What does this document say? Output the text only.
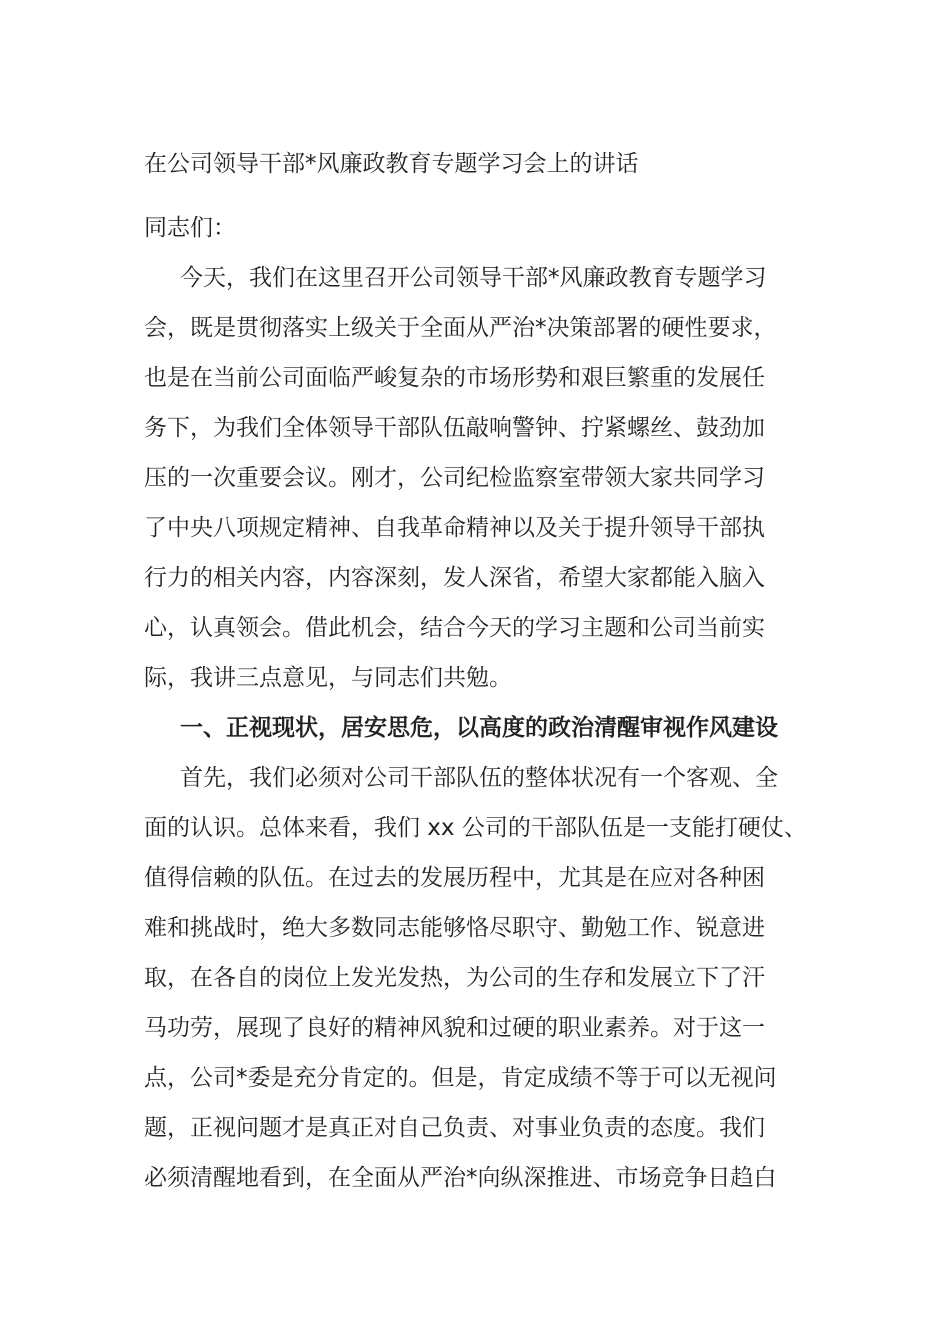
在公司领导干部*风廉政教育专题学习会上的讲话

同志们：

今天，我们在这里召开公司领导干部*风廉政教育专题学习

会，既是贯彻落实上级关于全面从严治*决策部署的硬性要求，

也是在当前公司面临严峻复杂的市场形势和艰巨繁重的发展任

务下，为我们全体领导干部队伍敲响警钟、拧紧螺丝、鼓劲加

压的一次重要会议。刚才，公司纪检监察室带领大家共同学习

了中央八项规定精神、自我革命精神以及关于提升领导干部执

行力的相关内容，内容深刻，发人深省，希望大家都能入脑入

心，认真领会。借此机会，结合今天的学习主题和公司当前实

际，我讲三点意见，与同志们共勉。

一、正视现状，居安思危，以高度的政治清醒审视作风建设

首先，我们必须对公司干部队伍的整体状况有一个客观、全

面的认识。总体来看，我们 xx 公司的干部队伍是一支能打硬仗、

值得信赖的队伍。在过去的发展历程中，尤其是在应对各种困

难和挑战时，绝大多数同志能够恪尽职守、勤勉工作、锐意进

取，在各自的岗位上发光发热，为公司的生存和发展立下了汗

马功劳，展现了良好的精神风貌和过硬的职业素养。对于这一

点，公司*委是充分肯定的。但是，肯定成绩不等于可以无视问

题，正视问题才是真正对自己负责、对事业负责的态度。我们

必须清醒地看到，在全面从严治*向纵深推进、市场竞争日趋白
